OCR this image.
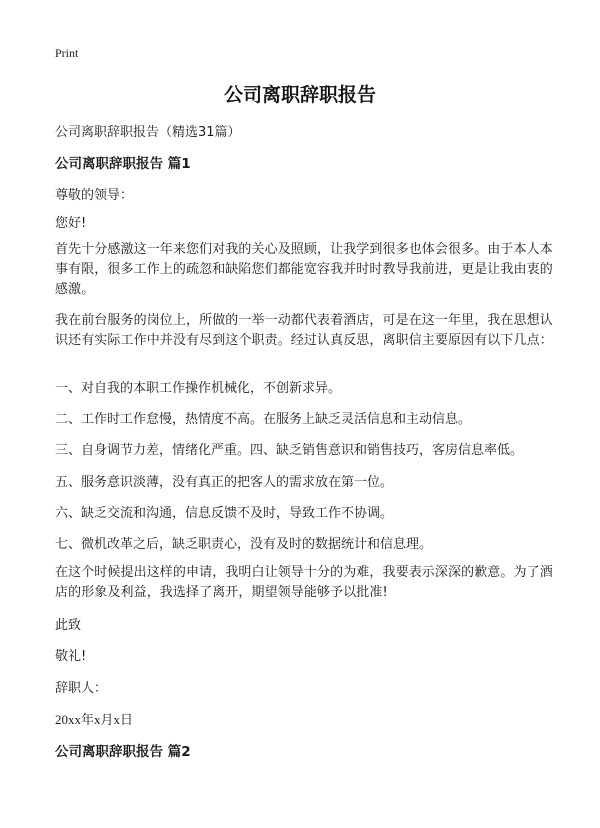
Print
公司离职辞职报告
公司离职辞职报告（精选31篇）
公司离职辞职报告 篇1
尊敬的领导：
您好!
首先十分感激这一年来您们对我的关心及照顾，让我学到很多也体会很多。由于本人本事有限，很多工作上的疏忽和缺陷您们都能宽容我并时时教导我前进，更是让我由衷的感激。
我在前台服务的岗位上，所做的一举一动都代表着酒店，可是在这一年里，我在思想认识还有实际工作中并没有尽到这个职责。经过认真反思，离职信主要原因有以下几点：
一、对自我的本职工作操作机械化，不创新求异。
二、工作时工作怠慢，热情度不高。在服务上缺乏灵活信息和主动信息。
三、自身调节力差，情绪化严重。四、缺乏销售意识和销售技巧，客房信息率低。
五、服务意识淡薄，没有真正的把客人的需求放在第一位。
六、缺乏交流和沟通，信息反馈不及时，导致工作不协调。
七、微机改革之后，缺乏职责心，没有及时的数据统计和信息理。
在这个时候提出这样的申请，我明白让领导十分的为难，我要表示深深的歉意。为了酒店的形象及利益，我选择了离开，期望领导能够予以批准!
此致
敬礼!
辞职人：
20xx年x月x日
公司离职辞职报告 篇2
